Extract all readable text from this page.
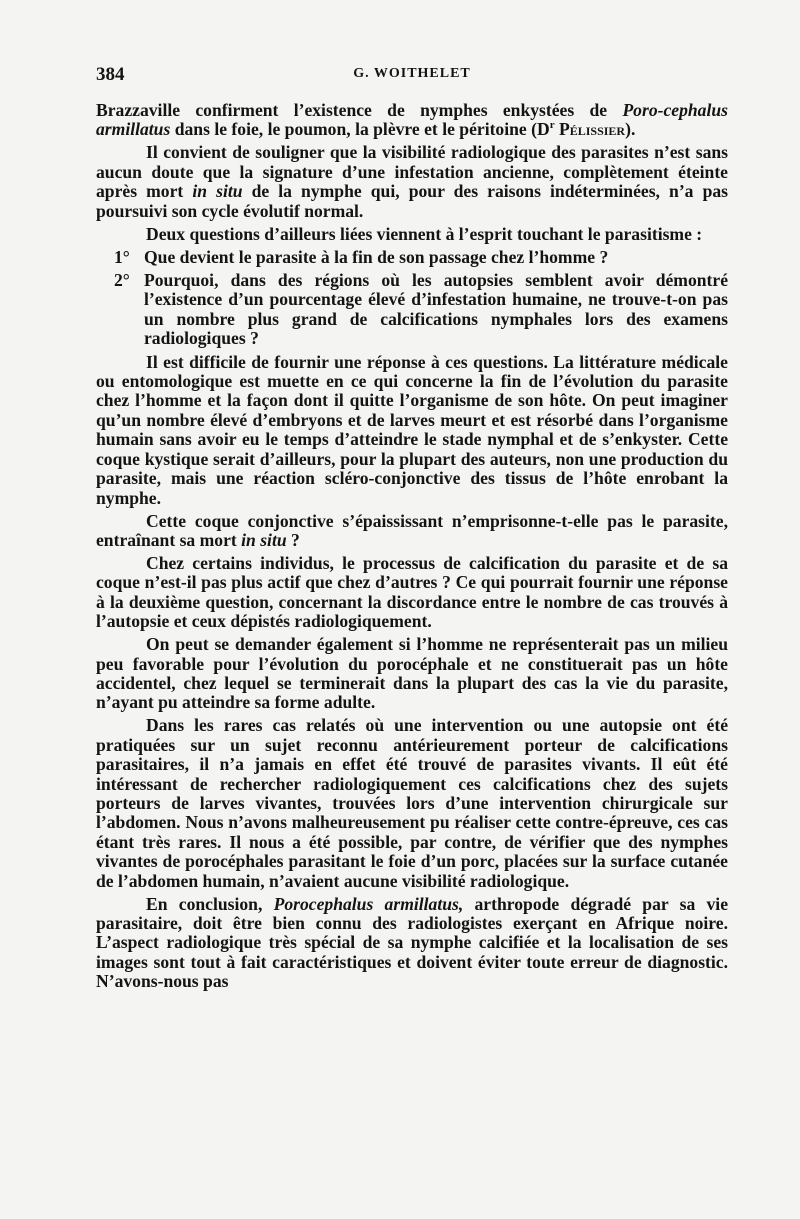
384	G. WOITHELET

Brazzaville confirment l’existence de nymphes enkystées de Poro-cephalus armillatus dans le foie, le poumon, la plèvre et le péritoine ($D^r$ Pélissier).

Il convient de souligner que la visibilité radiologique des parasites n’est sans aucun doute que la signature d’une infestation ancienne, complètement éteinte après mort in situ de la nymphe qui, pour des raisons indéterminées, n’a pas poursuivi son cycle évolutif normal.

Deux questions d’ailleurs liées viennent à l’esprit touchant le parasitisme :

1° Que devient le parasite à la fin de son passage chez l’homme ?

2° Pourquoi, dans des régions où les autopsies semblent avoir démontré l’existence d’un pourcentage élevé d’infestation humaine, ne trouve-t-on pas un nombre plus grand de calcifications nymphales lors des examens radiologiques ?

Il est difficile de fournir une réponse à ces questions. La littérature médicale ou entomologique est muette en ce qui concerne la fin de l’évolution du parasite chez l’homme et la façon dont il quitte l’organisme de son hôte. On peut imaginer qu’un nombre élevé d’embryons et de larves meurt et est résorbé dans l’organisme humain sans avoir eu le temps d’atteindre le stade nymphal et de s’enkyster. Cette coque kystique serait d’ailleurs, pour la plupart des auteurs, non une production du parasite, mais une réaction scléro-conjonctive des tissus de l’hôte enrobant la nymphe.

Cette coque conjonctive s’épaississant n’emprisonne-t-elle pas le parasite, entraînant sa mort in situ ?

Chez certains individus, le processus de calcification du parasite et de sa coque n’est-il pas plus actif que chez d’autres ? Ce qui pourrait fournir une réponse à la deuxième question, concernant la discordance entre le nombre de cas trouvés à l’autopsie et ceux dépistés radiologiquement.

On peut se demander également si l’homme ne représenterait pas un milieu peu favorable pour l’évolution du porocéphale et ne constituerait pas un hôte accidentel, chez lequel se terminerait dans la plupart des cas la vie du parasite, n’ayant pu atteindre sa forme adulte.

Dans les rares cas relatés où une intervention ou une autopsie ont été pratiquées sur un sujet reconnu antérieurement porteur de calcifications parasitaires, il n’a jamais en effet été trouvé de parasites vivants. Il eût été intéressant de rechercher radiologiquement ces calcifications chez des sujets porteurs de larves vivantes, trouvées lors d’une intervention chirurgicale sur l’abdomen. Nous n’avons malheureusement pu réaliser cette contre-épreuve, ces cas étant très rares. Il nous a été possible, par contre, de vérifier que des nymphes vivantes de porocéphales parasitant le foie d’un porc, placées sur la surface cutanée de l’abdomen humain, n’avaient aucune visibilité radiologique.

En conclusion, Porocephalus armillatus, arthropode dégradé par sa vie parasitaire, doit être bien connu des radiologistes exerçant en Afrique noire. L’aspect radiologique très spécial de sa nymphe calcifiée et la localisation de ses images sont tout à fait caractéristiques et doivent éviter toute erreur de diagnostic. N’avons-nous pas
